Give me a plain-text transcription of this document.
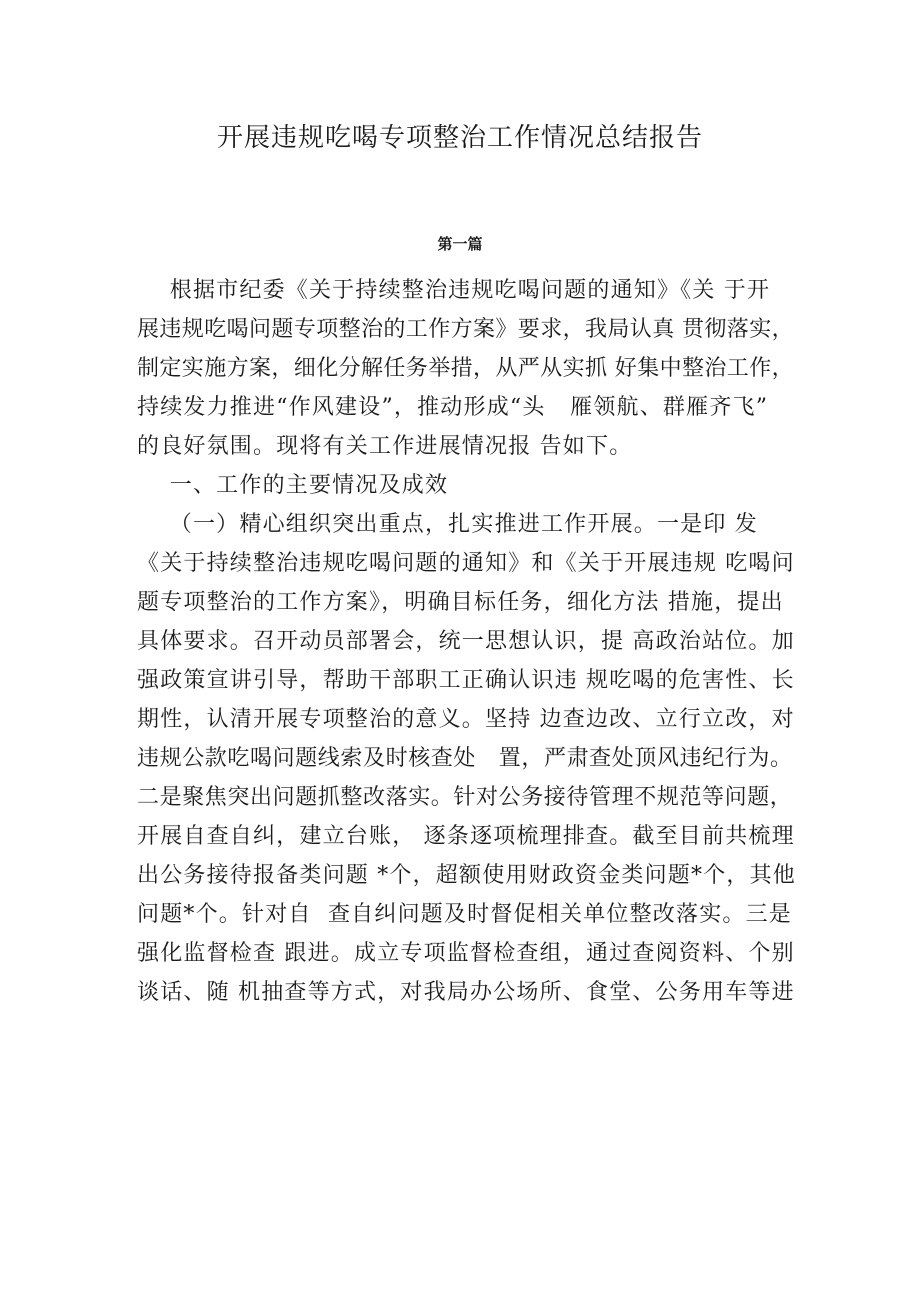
开展违规吃喝专项整治工作情况总结报告
第一篇
根据市纪委《关于持续整治违规吃喝问题的通知》《关 于开
展违规吃喝问题专项整治的工作方案》要求，我局认真 贯彻落实，
制定实施方案，细化分解任务举措，从严从实抓 好集中整治工作，
持续发力推进“作风建设”，推动形成“头   雁领航、群雁齐飞”
的良好氛围。现将有关工作进展情况报 告如下。
一、工作的主要情况及成效
（一）精心组织突出重点，扎实推进工作开展。一是印 发
《关于持续整治违规吃喝问题的通知》和《关于开展违规 吃喝问
题专项整治的工作方案》，明确目标任务，细化方法 措施，提出
具体要求。召开动员部署会，统一思想认识，提 高政治站位。加
强政策宣讲引导，帮助干部职工正确认识违 规吃喝的危害性、长
期性，认清开展专项整治的意义。坚持 边查边改、立行立改，对
违规公款吃喝问题线索及时核查处   置，严肃查处顶风违纪行为。
二是聚焦突出问题抓整改落实。针对公务接待管理不规范等问题，
开展自查自纠，建立台账， 逐条逐项梳理排查。截至目前共梳理
出公务接待报备类问题 *个，超额使用财政资金类问题*个，其他
问题*个。针对自  查自纠问题及时督促相关单位整改落实。三是
强化监督检查 跟进。成立专项监督检查组，通过查阅资料、个别
谈话、随 机抽查等方式，对我局办公场所、食堂、公务用车等进
